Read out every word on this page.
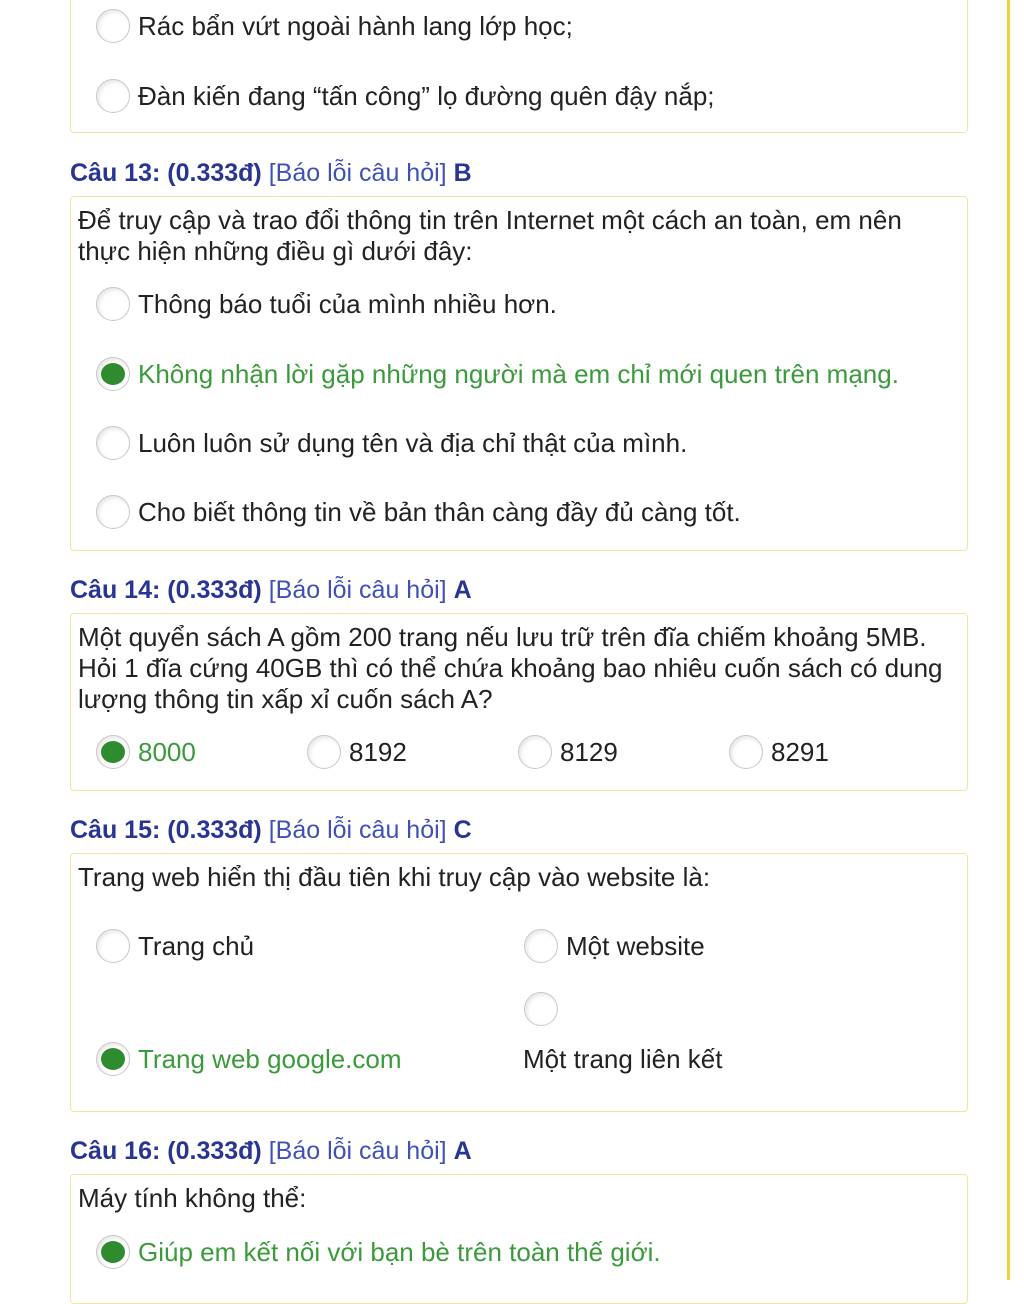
Rác bẩn vứt ngoài hành lang lớp học;
Đàn kiến đang “tấn công” lọ đường quên đậy nắp;
Câu 13: (0.333đ) [Báo lỗi câu hỏi] B
Để truy cập và trao đổi thông tin trên Internet một cách an toàn, em nên thực hiện những điều gì dưới đây:
Thông báo tuổi của mình nhiều hơn.
Không nhận lời gặp những người mà em chỉ mới quen trên mạng.
Luôn luôn sử dụng tên và địa chỉ thật của mình.
Cho biết thông tin về bản thân càng đầy đủ càng tốt.
Câu 14: (0.333đ) [Báo lỗi câu hỏi] A
Một quyển sách A gồm 200 trang nếu lưu trữ trên đĩa chiếm khoảng 5MB. Hỏi 1 đĩa cứng 40GB thì có thể chứa khoảng bao nhiêu cuốn sách có dung lượng thông tin xấp xỉ cuốn sách A?
8000	8192	8129	8291
Câu 15: (0.333đ) [Báo lỗi câu hỏi] C
Trang web hiển thị đầu tiên khi truy cập vào website là:
Trang chủ	Một website
Trang web google.com	Một trang liên kết
Câu 16: (0.333đ) [Báo lỗi câu hỏi] A
Máy tính không thể:
Giúp em kết nối với bạn bè trên toàn thế giới.
